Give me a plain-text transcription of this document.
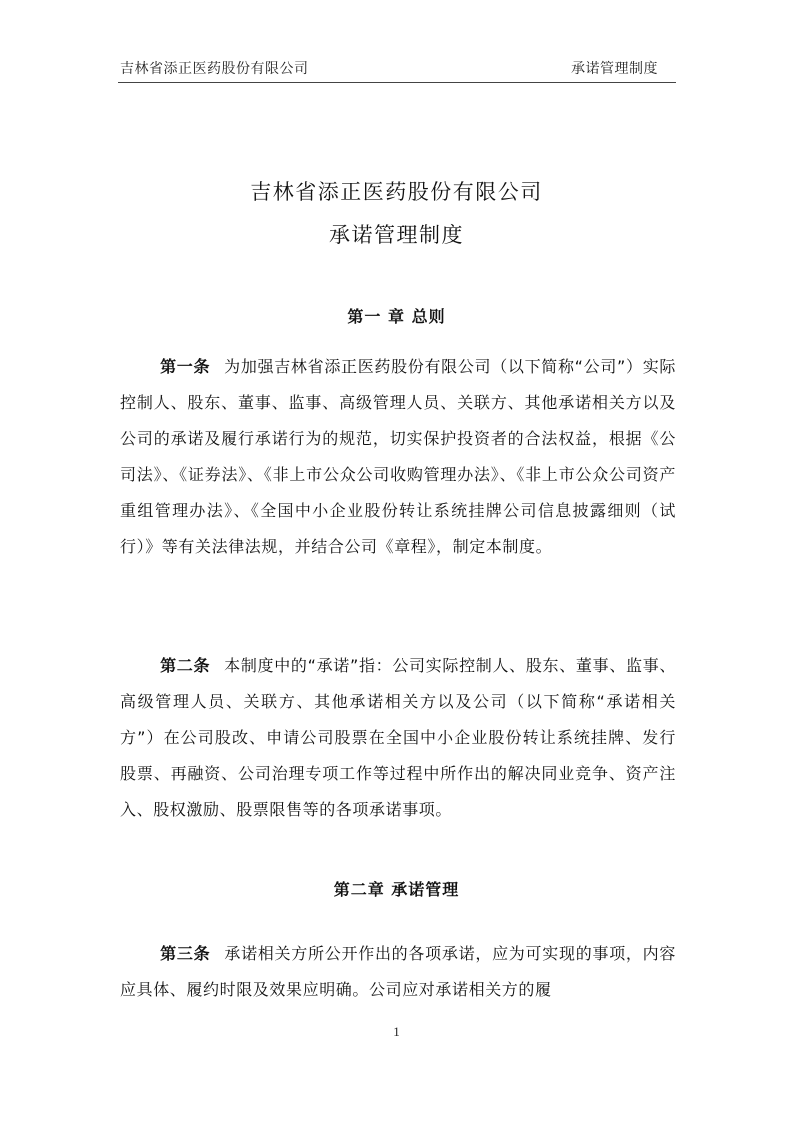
吉林省添正医药股份有限公司	承诺管理制度
吉林省添正医药股份有限公司
承诺管理制度
第一 章 总则
第一条 为加强吉林省添正医药股份有限公司（以下简称“公司”）实际控制人、股东、董事、监事、高级管理人员、关联方、其他承诺相关方以及公司的承诺及履行承诺行为的规范，切实保护投资者的合法权益，根据《公司法》、《证券法》、《非上市公众公司收购管理办法》、《非上市公众公司资产重组管理办法》、《全国中小企业股份转让系统挂牌公司信息披露细则（试行）》等有关法律法规，并结合公司《章程》，制定本制度。
第二条 本制度中的“承诺”指：公司实际控制人、股东、董事、监事、高级管理人员、关联方、其他承诺相关方以及公司（以下简称“承诺相关方”）在公司股改、申请公司股票在全国中小企业股份转让系统挂牌、发行股票、再融资、公司治理专项工作等过程中所作出的解决同业竞争、资产注入、股权激励、股票限售等的各项承诺事项。
第二章 承诺管理
第三条 承诺相关方所公开作出的各项承诺，应为可实现的事项，内容应具体、履约时限及效果应明确。公司应对承诺相关方的履
1
